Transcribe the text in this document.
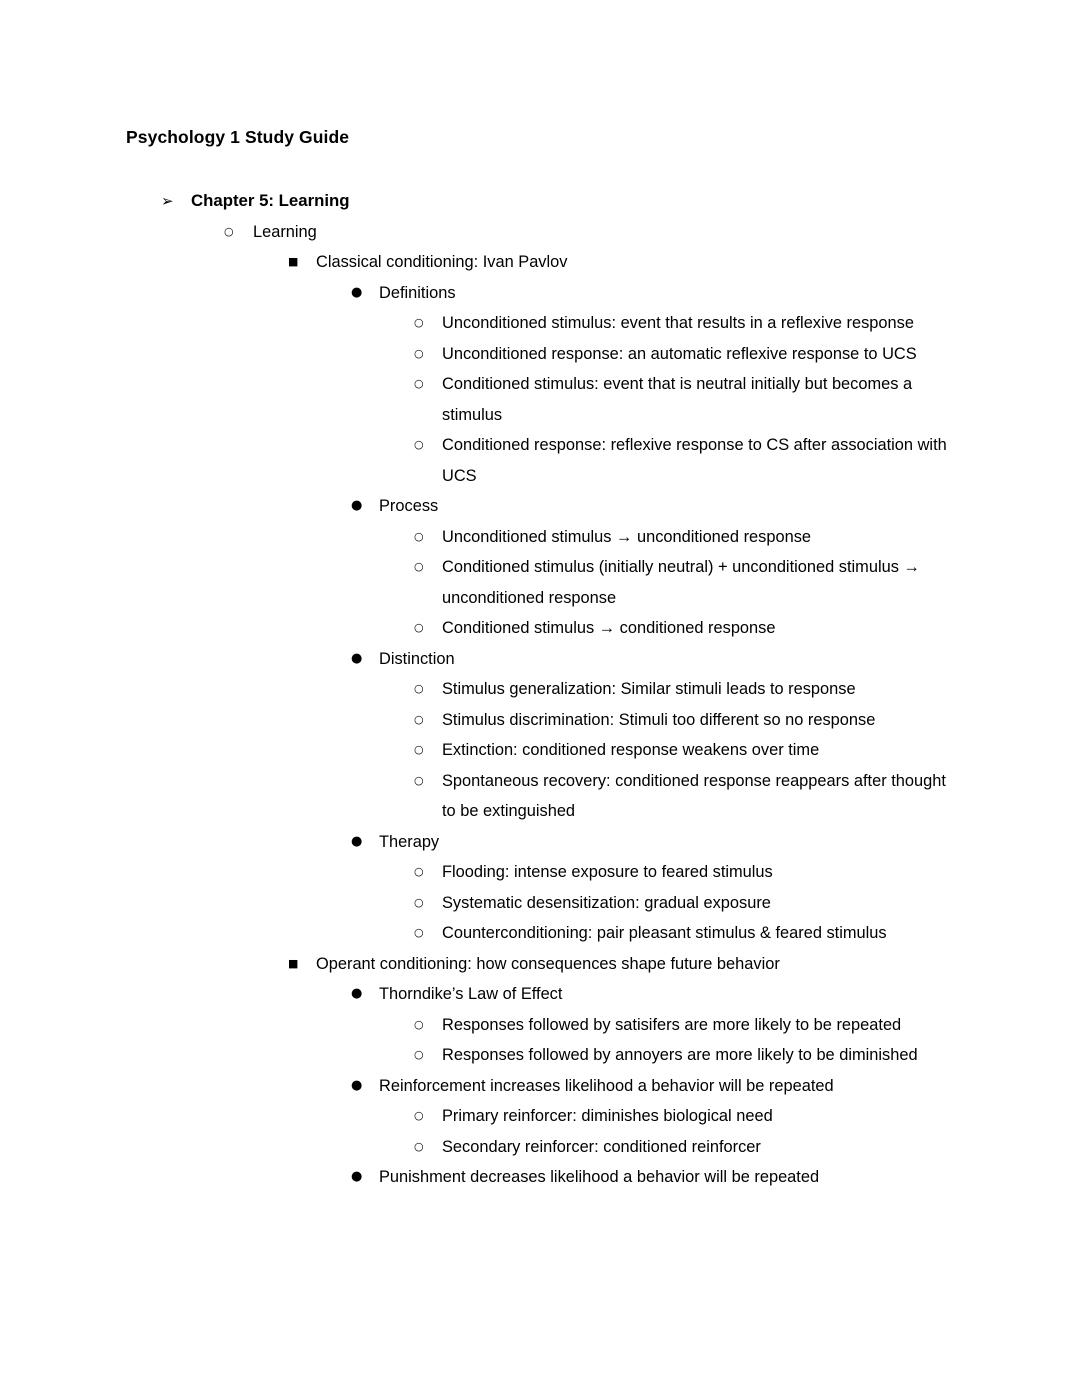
Psychology 1 Study Guide
➢ Chapter 5: Learning
○ Learning
■ Classical conditioning: Ivan Pavlov
● Definitions
○ Unconditioned stimulus: event that results in a reflexive response
○ Unconditioned response: an automatic reflexive response to UCS
○ Conditioned stimulus: event that is neutral initially but becomes a stimulus
○ Conditioned response: reflexive response to CS after association with UCS
● Process
○ Unconditioned stimulus → unconditioned response
○ Conditioned stimulus (initially neutral) + unconditioned stimulus → unconditioned response
○ Conditioned stimulus → conditioned response
● Distinction
○ Stimulus generalization: Similar stimuli leads to response
○ Stimulus discrimination: Stimuli too different so no response
○ Extinction: conditioned response weakens over time
○ Spontaneous recovery: conditioned response reappears after thought to be extinguished
● Therapy
○ Flooding: intense exposure to feared stimulus
○ Systematic desensitization: gradual exposure
○ Counterconditioning: pair pleasant stimulus & feared stimulus
■ Operant conditioning: how consequences shape future behavior
● Thorndike’s Law of Effect
○ Responses followed by satisifers are more likely to be repeated
○ Responses followed by annoyers are more likely to be diminished
● Reinforcement increases likelihood a behavior will be repeated
○ Primary reinforcer: diminishes biological need
○ Secondary reinforcer: conditioned reinforcer
● Punishment decreases likelihood a behavior will be repeated
